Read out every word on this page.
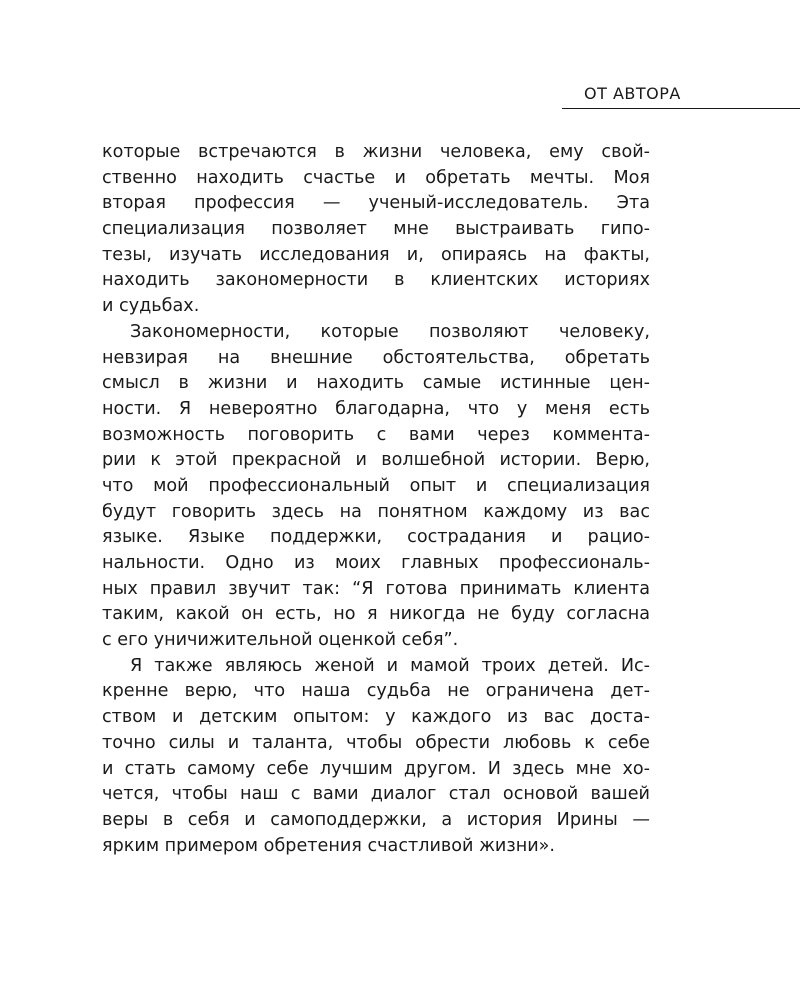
ОТ АВТОРА
которые встречаются в жизни человека, ему свой-
ственно находить счастье и обретать мечты. Моя
вторая профессия — ученый-исследователь. Эта
специализация позволяет мне выстраивать гипо-
тезы, изучать исследования и, опираясь на факты,
находить закономерности в клиентских историях
и судьбах.
Закономерности, которые позволяют человеку,
невзирая на внешние обстоятельства, обретать
смысл в жизни и находить самые истинные цен-
ности. Я невероятно благодарна, что у меня есть
возможность поговорить с вами через коммента-
рии к этой прекрасной и волшебной истории. Верю,
что мой профессиональный опыт и специализация
будут говорить здесь на понятном каждому из вас
языке. Языке поддержки, сострадания и рацио-
нальности. Одно из моих главных профессиональ-
ных правил звучит так: “Я готова принимать клиента
таким, какой он есть, но я никогда не буду согласна
с его уничижительной оценкой себя”.
Я также являюсь женой и мамой троих детей. Ис-
кренне верю, что наша судьба не ограничена дет-
ством и детским опытом: у каждого из вас доста-
точно силы и таланта, чтобы обрести любовь к себе
и стать самому себе лучшим другом. И здесь мне хо-
чется, чтобы наш с вами диалог стал основой вашей
веры в себя и самоподдержки, а история Ирины —
ярким примером обретения счастливой жизни».
